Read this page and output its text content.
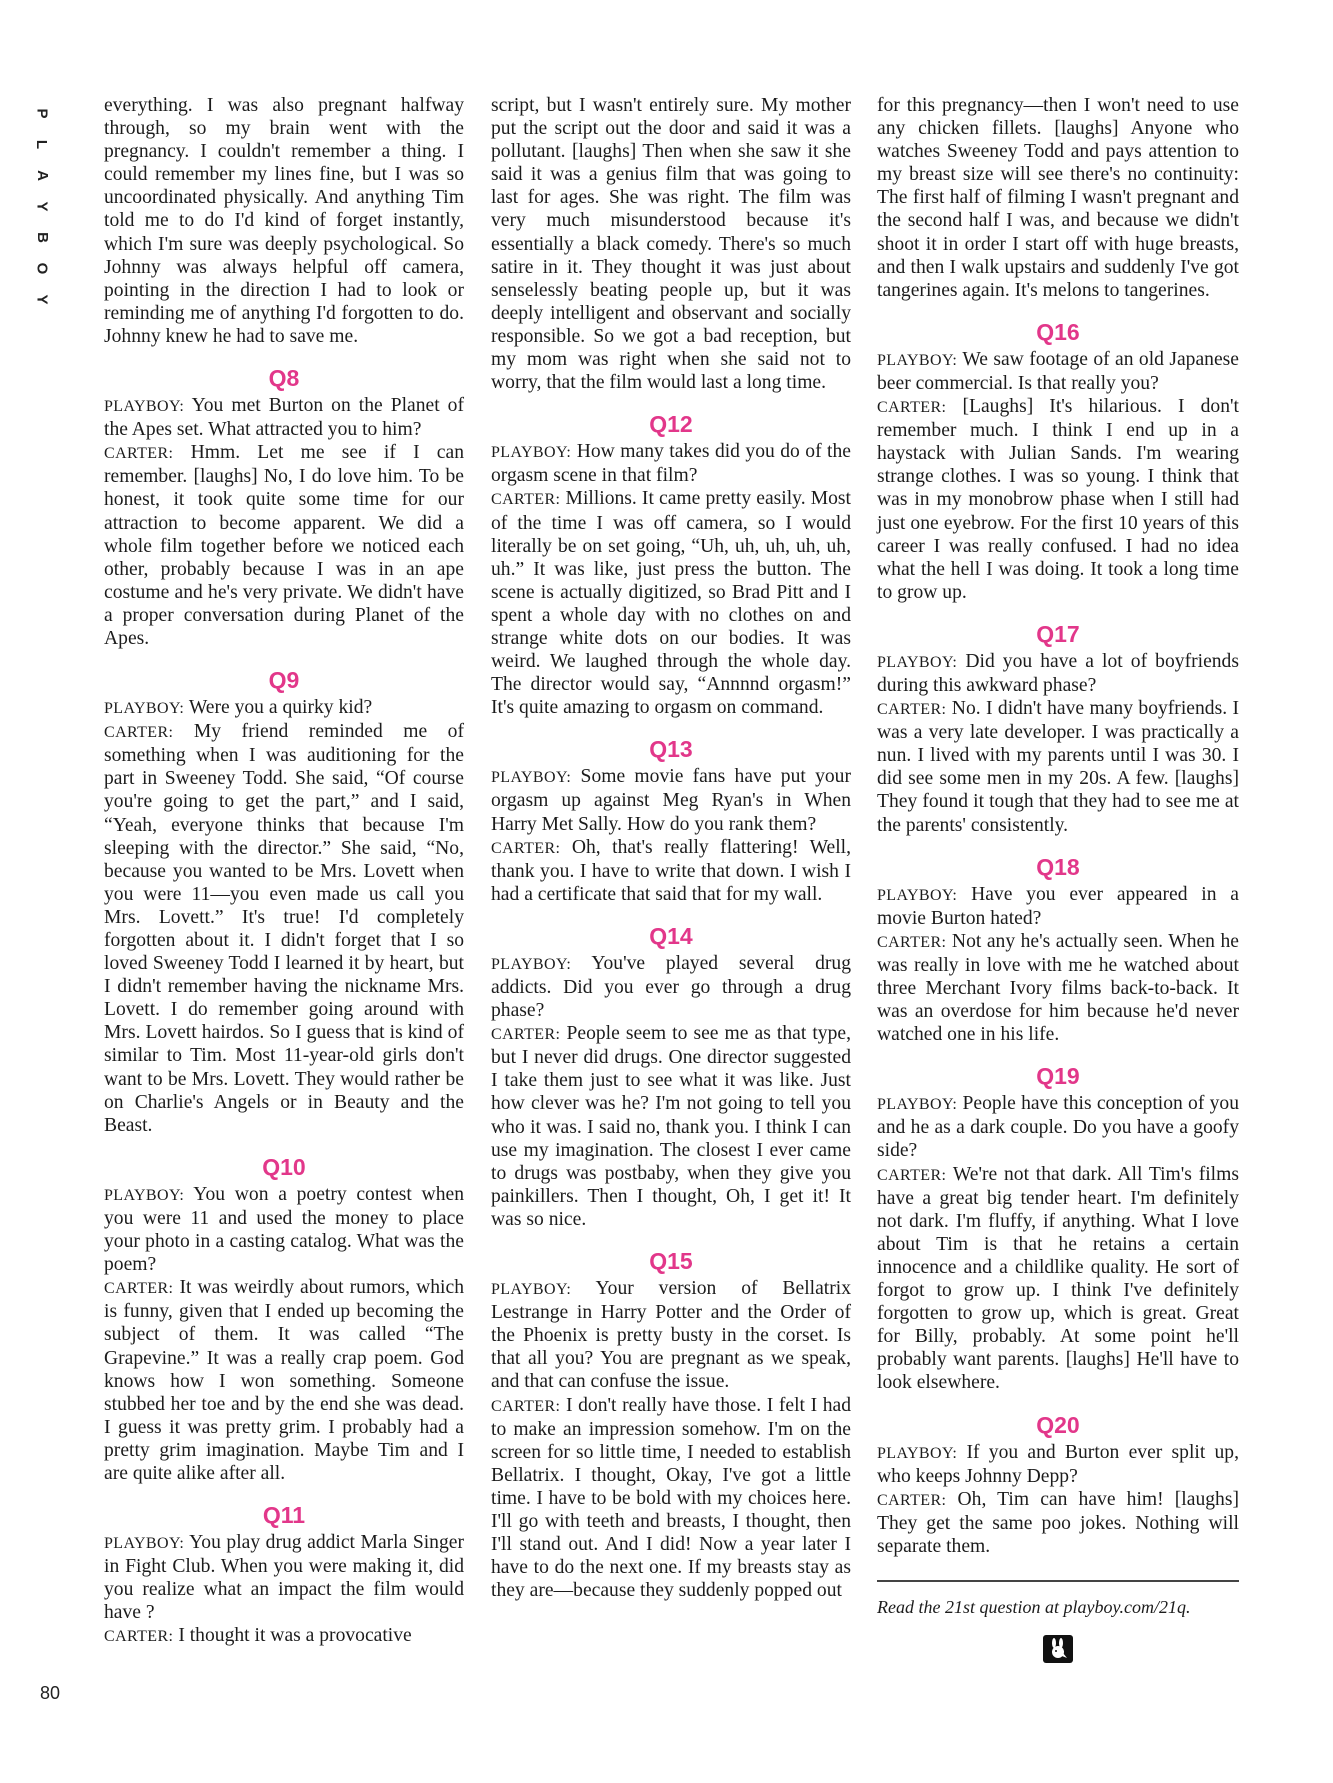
P
L
A
Y
B
O
Y

everything. I was also pregnant halfway through, so my brain went with the pregnancy. I couldn't remember a thing. I could remember my lines fine, but I was so uncoordinated physically. And anything Tim told me to do I'd kind of forget instantly, which I'm sure was deeply psychological. So Johnny was always helpful off camera, pointing in the direction I had to look or reminding me of anything I'd forgotten to do. Johnny knew he had to save me.

Q8

PLAYBOY: You met Burton on the Planet of the Apes set. What attracted you to him?

CARTER: Hmm. Let me see if I can remember. [laughs] No, I do love him. To be honest, it took quite some time for our attraction to become apparent. We did a whole film together before we noticed each other, probably because I was in an ape costume and he's very private. We didn't have a proper conversation during Planet of the Apes.

Q9

PLAYBOY: Were you a quirky kid?

CARTER: My friend reminded me of something when I was auditioning for the part in Sweeney Todd. She said, “Of course you're going to get the part,” and I said, “Yeah, everyone thinks that because I'm sleeping with the director.” She said, “No, because you wanted to be Mrs. Lovett when you were 11—you even made us call you Mrs. Lovett.” It's true! I'd completely forgotten about it. I didn't forget that I so loved Sweeney Todd I learned it by heart, but I didn't remember having the nickname Mrs. Lovett. I do remember going around with Mrs. Lovett hairdos. So I guess that is kind of similar to Tim. Most 11-year-old girls don't want to be Mrs. Lovett. They would rather be on Charlie's Angels or in Beauty and the Beast.

Q10

PLAYBOY: You won a poetry contest when you were 11 and used the money to place your photo in a casting catalog. What was the poem?

CARTER: It was weirdly about rumors, which is funny, given that I ended up becoming the subject of them. It was called “The Grapevine.” It was a really crap poem. God knows how I won something. Someone stubbed her toe and by the end she was dead. I guess it was pretty grim. I probably had a pretty grim imagination. Maybe Tim and I are quite alike after all.

Q11

PLAYBOY: You play drug addict Marla Singer in Fight Club. When you were making it, did you realize what an impact the film would have ?

CARTER: I thought it was a provocative

script, but I wasn't entirely sure. My mother put the script out the door and said it was a pollutant. [laughs] Then when she saw it she said it was a genius film that was going to last for ages. She was right. The film was very much misunderstood because it's essentially a black comedy. There's so much satire in it. They thought it was just about senselessly beating people up, but it was deeply intelligent and observant and socially responsible. So we got a bad reception, but my mom was right when she said not to worry, that the film would last a long time.

Q12

PLAYBOY: How many takes did you do of the orgasm scene in that film?

CARTER: Millions. It came pretty easily. Most of the time I was off camera, so I would literally be on set going, “Uh, uh, uh, uh, uh, uh.” It was like, just press the button. The scene is actually digitized, so Brad Pitt and I spent a whole day with no clothes on and strange white dots on our bodies. It was weird. We laughed through the whole day. The director would say, “Annnnd orgasm!” It's quite amazing to orgasm on command.

Q13

PLAYBOY: Some movie fans have put your orgasm up against Meg Ryan's in When Harry Met Sally. How do you rank them?

CARTER: Oh, that's really flattering! Well, thank you. I have to write that down. I wish I had a certificate that said that for my wall.

Q14

PLAYBOY: You've played several drug addicts. Did you ever go through a drug phase?

CARTER: People seem to see me as that type, but I never did drugs. One director suggested I take them just to see what it was like. Just how clever was he? I'm not going to tell you who it was. I said no, thank you. I think I can use my imagination. The closest I ever came to drugs was postbaby, when they give you painkillers. Then I thought, Oh, I get it! It was so nice.

Q15

PLAYBOY: Your version of Bellatrix Lestrange in Harry Potter and the Order of the Phoenix is pretty busty in the corset. Is that all you? You are pregnant as we speak, and that can confuse the issue.

CARTER: I don't really have those. I felt I had to make an impression somehow. I'm on the screen for so little time, I needed to establish Bellatrix. I thought, Okay, I've got a little time. I have to be bold with my choices here. I'll go with teeth and breasts, I thought, then I'll stand out. And I did! Now a year later I have to do the next one. If my breasts stay as they are—because they suddenly popped out

for this pregnancy—then I won't need to use any chicken fillets. [laughs] Anyone who watches Sweeney Todd and pays attention to my breast size will see there's no continuity: The first half of filming I wasn't pregnant and the second half I was, and because we didn't shoot it in order I start off with huge breasts, and then I walk upstairs and suddenly I've got tangerines again. It's melons to tangerines.

Q16

PLAYBOY: We saw footage of an old Japanese beer commercial. Is that really you?

CARTER: [Laughs] It's hilarious. I don't remember much. I think I end up in a haystack with Julian Sands. I'm wearing strange clothes. I was so young. I think that was in my monobrow phase when I still had just one eyebrow. For the first 10 years of this career I was really confused. I had no idea what the hell I was doing. It took a long time to grow up.

Q17

PLAYBOY: Did you have a lot of boyfriends during this awkward phase?

CARTER: No. I didn't have many boyfriends. I was a very late developer. I was practically a nun. I lived with my parents until I was 30. I did see some men in my 20s. A few. [laughs] They found it tough that they had to see me at the parents' consistently.

Q18

PLAYBOY: Have you ever appeared in a movie Burton hated?

CARTER: Not any he's actually seen. When he was really in love with me he watched about three Merchant Ivory films back-to-back. It was an overdose for him because he'd never watched one in his life.

Q19

PLAYBOY: People have this conception of you and he as a dark couple. Do you have a goofy side?

CARTER: We're not that dark. All Tim's films have a great big tender heart. I'm definitely not dark. I'm fluffy, if anything. What I love about Tim is that he retains a certain innocence and a childlike quality. He sort of forgot to grow up. I think I've definitely forgotten to grow up, which is great. Great for Billy, probably. At some point he'll probably want parents. [laughs] He'll have to look elsewhere.

Q20

PLAYBOY: If you and Burton ever split up, who keeps Johnny Depp?

CARTER: Oh, Tim can have him! [laughs] They get the same poo jokes. Nothing will separate them.

Read the 21st question at playboy.com/21q.

80
